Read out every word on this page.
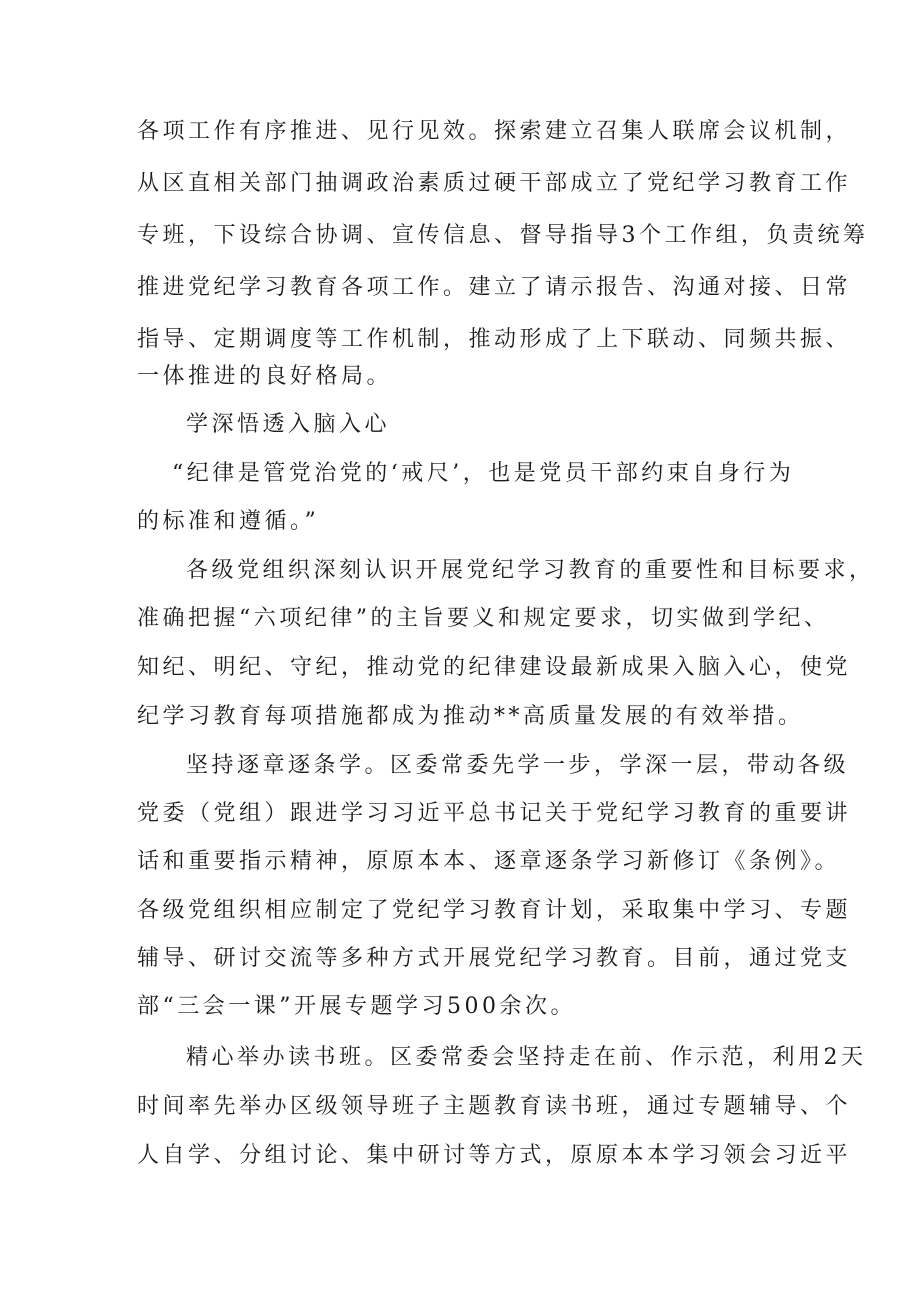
各项工作有序推进、见行见效。探索建立召集人联席会议机制，
从区直相关部门抽调政治素质过硬干部成立了党纪学习教育工作
专班，下设综合协调、宣传信息、督导指导3个工作组，负责统筹
推进党纪学习教育各项工作。建立了请示报告、沟通对接、日常
指导、定期调度等工作机制，推动形成了上下联动、同频共振、
一体推进的良好格局。
学深悟透入脑入心
“纪律是管党治党的‘戒尺’，也是党员干部约束自身行为
的标准和遵循。”
各级党组织深刻认识开展党纪学习教育的重要性和目标要求，
准确把握“六项纪律”的主旨要义和规定要求，切实做到学纪、
知纪、明纪、守纪，推动党的纪律建设最新成果入脑入心，使党
纪学习教育每项措施都成为推动**高质量发展的有效举措。
坚持逐章逐条学。区委常委先学一步，学深一层，带动各级
党委（党组）跟进学习习近平总书记关于党纪学习教育的重要讲
话和重要指示精神，原原本本、逐章逐条学习新修订《条例》。
各级党组织相应制定了党纪学习教育计划，采取集中学习、专题
辅导、研讨交流等多种方式开展党纪学习教育。目前，通过党支
部“三会一课”开展专题学习500余次。
精心举办读书班。区委常委会坚持走在前、作示范，利用2天
时间率先举办区级领导班子主题教育读书班，通过专题辅导、个
人自学、分组讨论、集中研讨等方式，原原本本学习领会习近平
